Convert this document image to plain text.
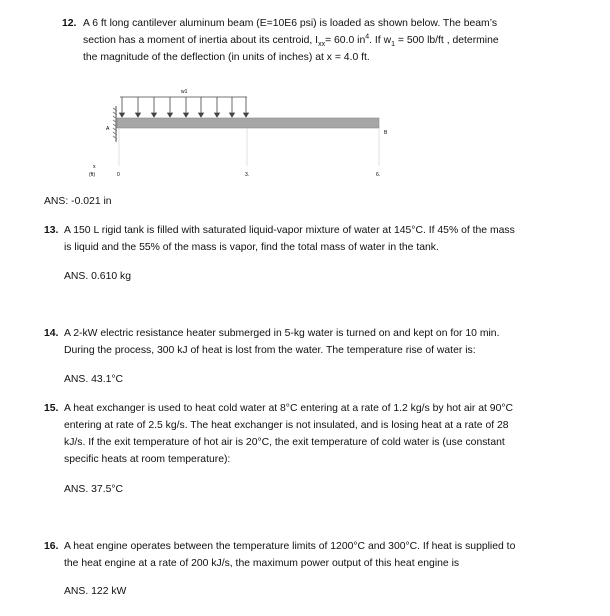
12. A 6 ft long cantilever aluminum beam (E=10E6 psi) is loaded as shown below. The beam’s
section has a moment of inertia about its centroid, $I_{xx}= 60.0$ $in^4$. If $w_1 = 500$ lb/ft , determine
the magnitude of the deflection (in units of inches) at x = 4.0 ft.
w1
A
B
x
(ft)	0	3.	6.
ANS: -0.021 in
13. A 150 L rigid tank is filled with saturated liquid-vapor mixture of water at 145°C. If 45% of the mass
is liquid and the 55% of the mass is vapor, find the total mass of water in the tank.
ANS. 0.610 kg
14. A 2-kW electric resistance heater submerged in 5-kg water is turned on and kept on for 10 min.
During the process, 300 kJ of heat is lost from the water. The temperature rise of water is:
ANS. 43.1°C
15. A heat exchanger is used to heat cold water at 8°C entering at a rate of 1.2 kg/s by hot air at 90°C
entering at rate of 2.5 kg/s. The heat exchanger is not insulated, and is losing heat at a rate of 28
kJ/s. If the exit temperature of hot air is 20°C, the exit temperature of cold water is (use constant
specific heats at room temperature):
ANS. 37.5°C
16. A heat engine operates between the temperature limits of 1200°C and 300°C. If heat is supplied to
the heat engine at a rate of 200 kJ/s, the maximum power output of this heat engine is
ANS. 122 kW
